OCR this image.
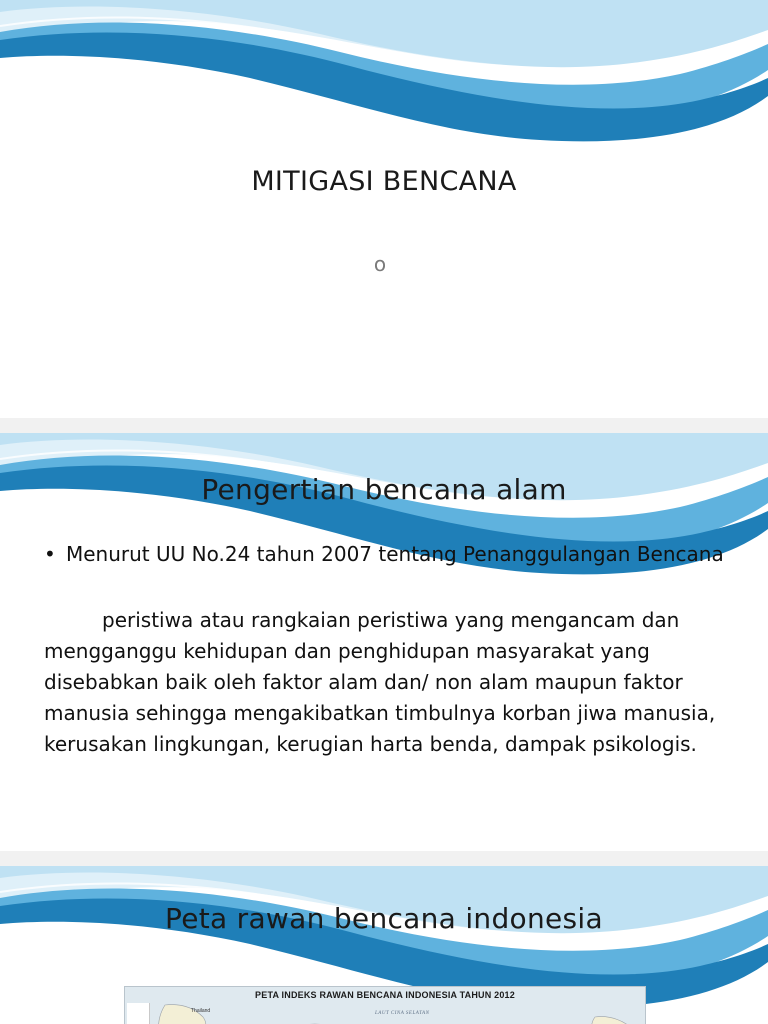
MITIGASI BENCANA
o
Pengertian bencana alam
• Menurut UU No.24 tahun 2007 tentang Penanggulangan Bencana
peristiwa atau rangkaian peristiwa yang mengancam dan mengganggu kehidupan dan penghidupan masyarakat yang disebabkan baik oleh faktor alam dan/ non alam maupun faktor manusia sehingga mengakibatkan timbulnya korban jiwa manusia, kerusakan lingkungan, kerugian harta benda, dampak psikologis.
Peta rawan bencana indonesia
PETA INDEKS RAWAN BENCANA INDONESIA TAHUN 2012
Thailand	LAUT CINA SELATAN
